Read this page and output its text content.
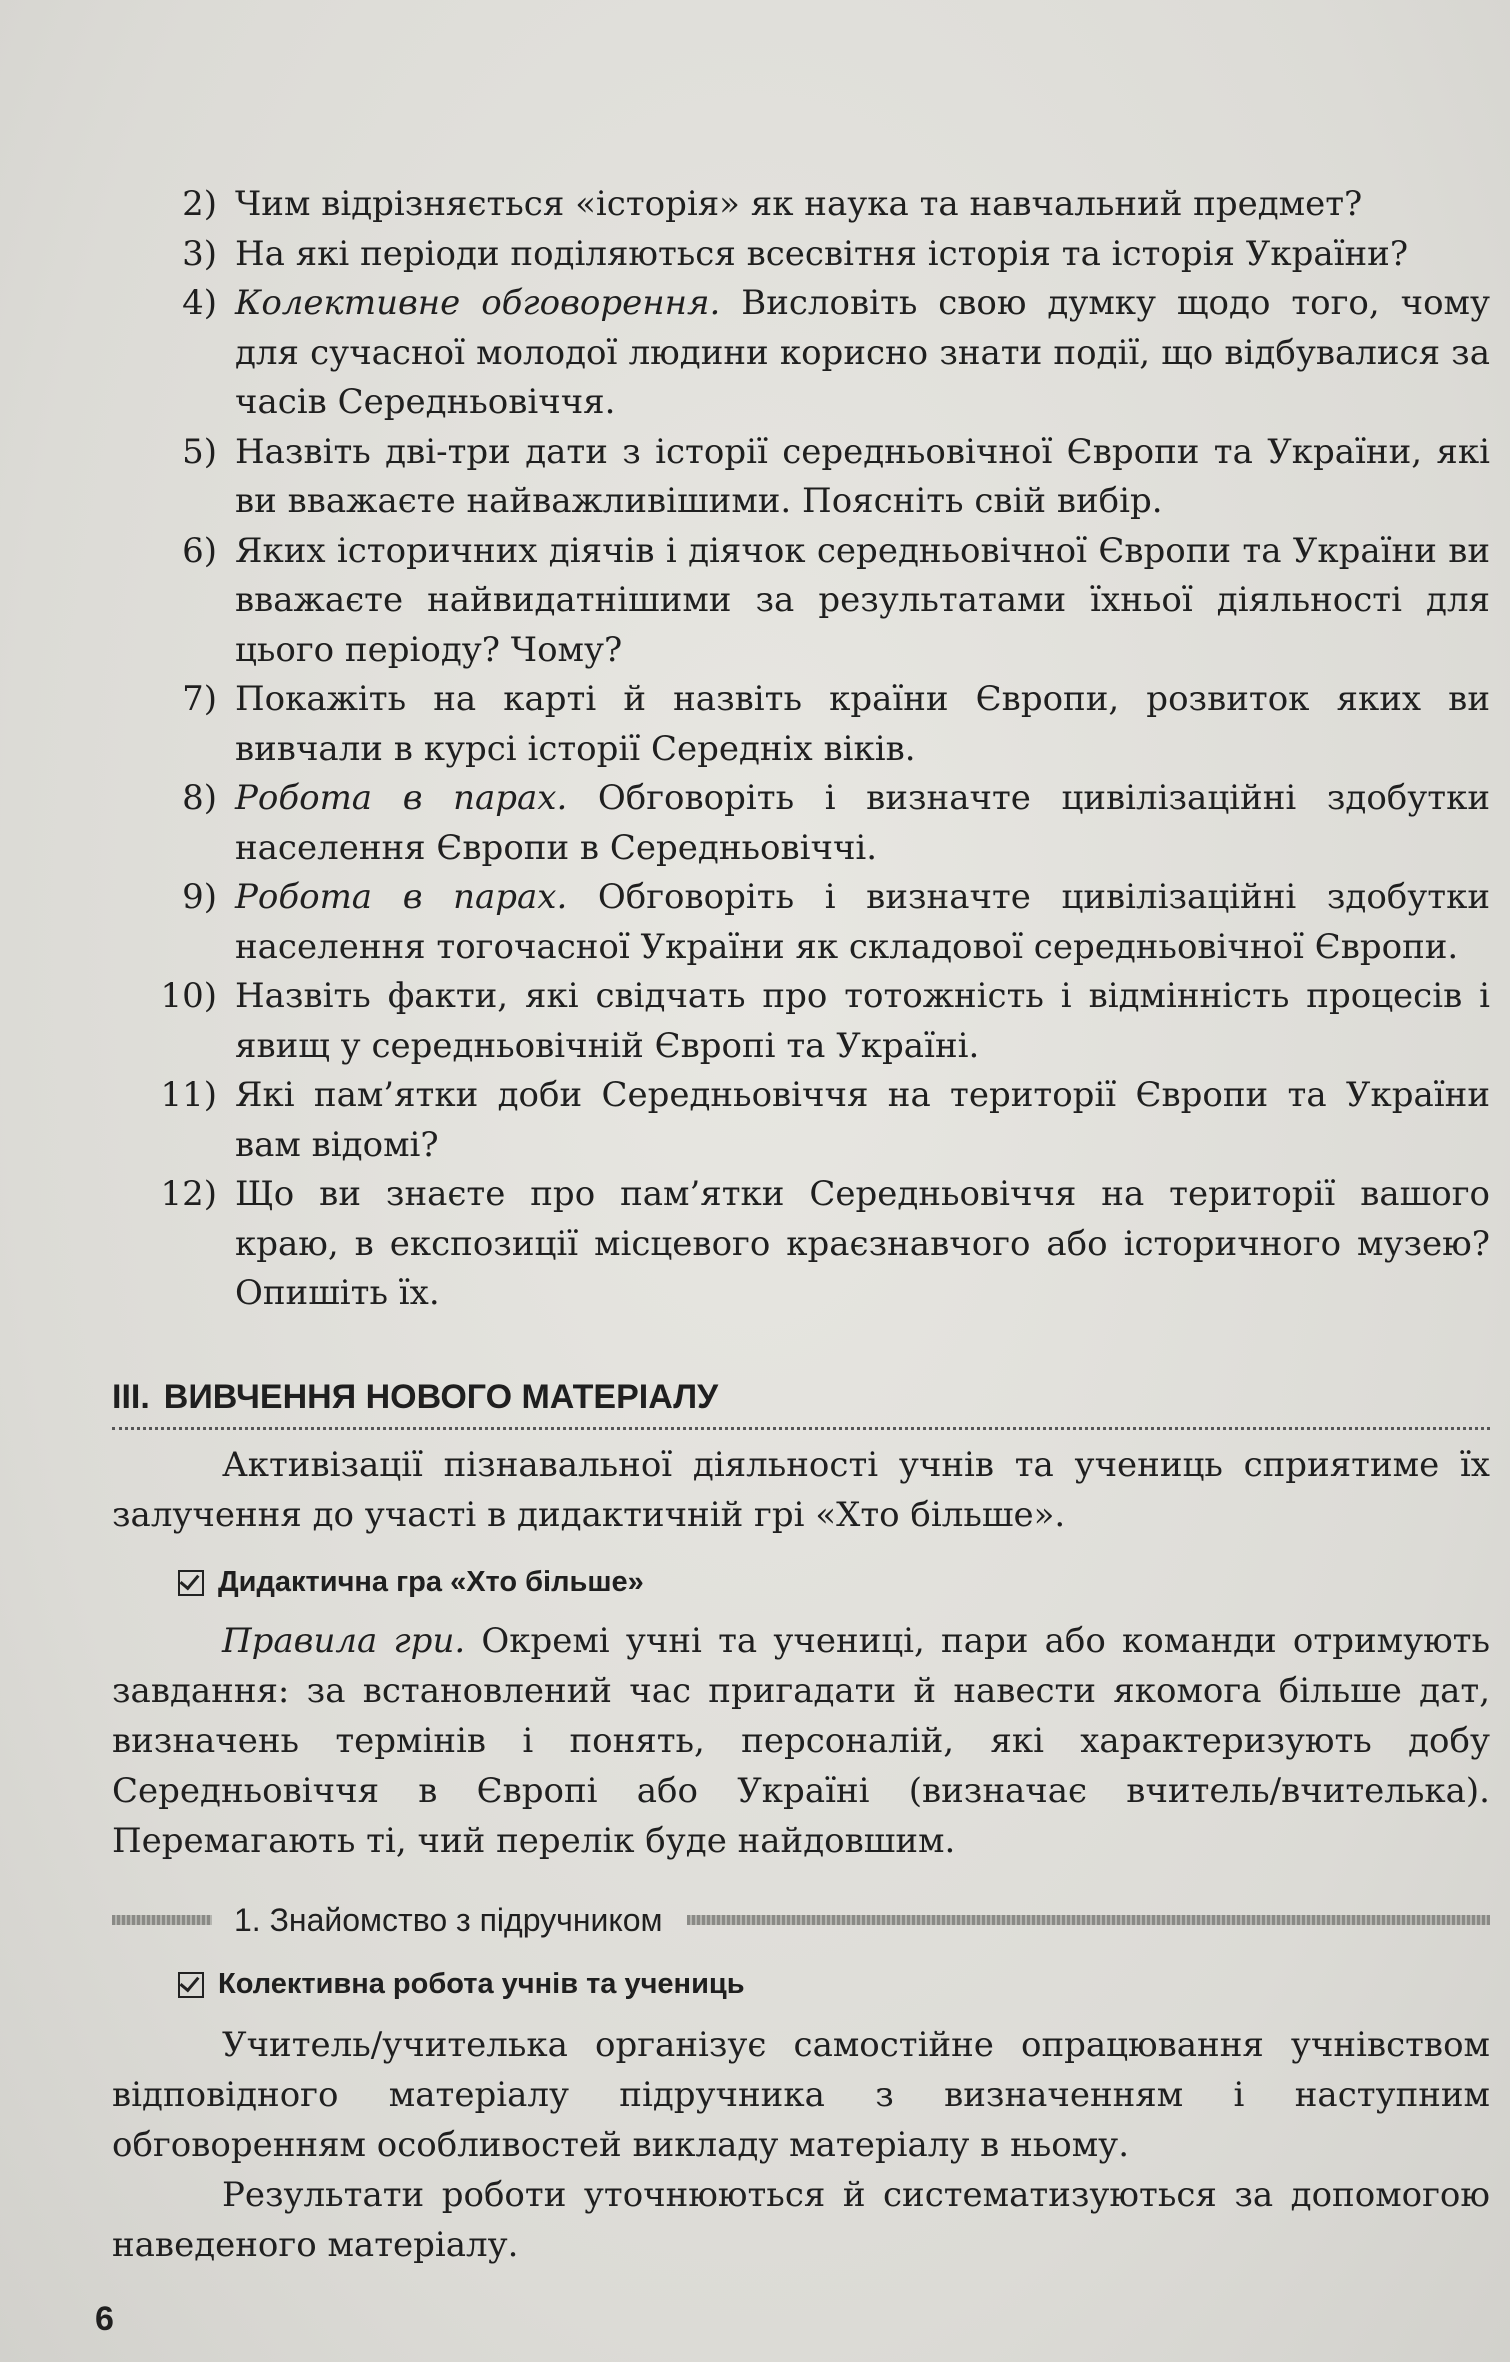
2) Чим відрізняється «історія» як наука та навчальний предмет?
3) На які періоди поділяються всесвітня історія та історія України?
4) Колективне обговорення. Висловіть свою думку щодо того, чому для сучасної молодої людини корисно знати події, що відбувалися за часів Середньовіччя.
5) Назвіть дві-три дати з історії середньовічної Європи та України, які ви вважаєте найважливішими. Поясніть свій вибір.
6) Яких історичних діячів і діячок середньовічної Європи та України ви вважаєте найвидатнішими за результатами їхньої діяльності для цього періоду? Чому?
7) Покажіть на карті й назвіть країни Європи, розвиток яких ви вивчали в курсі історії Середніх віків.
8) Робота в парах. Обговоріть і визначте цивілізаційні здобутки населення Європи в Середньовіччі.
9) Робота в парах. Обговоріть і визначте цивілізаційні здобутки населення тогочасної України як складової середньовічної Європи.
10) Назвіть факти, які свідчать про тотожність і відмінність процесів і явищ у середньовічній Європі та Україні.
11) Які пам’ятки доби Середньовіччя на території Європи та України вам відомі?
12) Що ви знаєте про пам’ятки Середньовіччя на території вашого краю, в експозиції місцевого краєзнавчого або історичного музею? Опишіть їх.
III. ВИВЧЕННЯ НОВОГО МАТЕРІАЛУ
Активізації пізнавальної діяльності учнів та учениць сприятиме їх залучення до участі в дидактичній грі «Хто більше».
Дидактична гра «Хто більше»
Правила гри. Окремі учні та учениці, пари або команди отримують завдання: за встановлений час пригадати й навести якомога більше дат, визначень термінів і понять, персоналій, які характеризують добу Середньовіччя в Європі або Україні (визначає вчитель/вчителька). Перемагають ті, чий перелік буде найдовшим.
1. Знайомство з підручником
Колективна робота учнів та учениць
Учитель/учителька організує самостійне опрацювання учнівством відповідного матеріалу підручника з визначенням і наступним обговоренням особливостей викладу матеріалу в ньому.
Результати роботи уточнюються й систематизуються за допомогою наведеного матеріалу.
6
